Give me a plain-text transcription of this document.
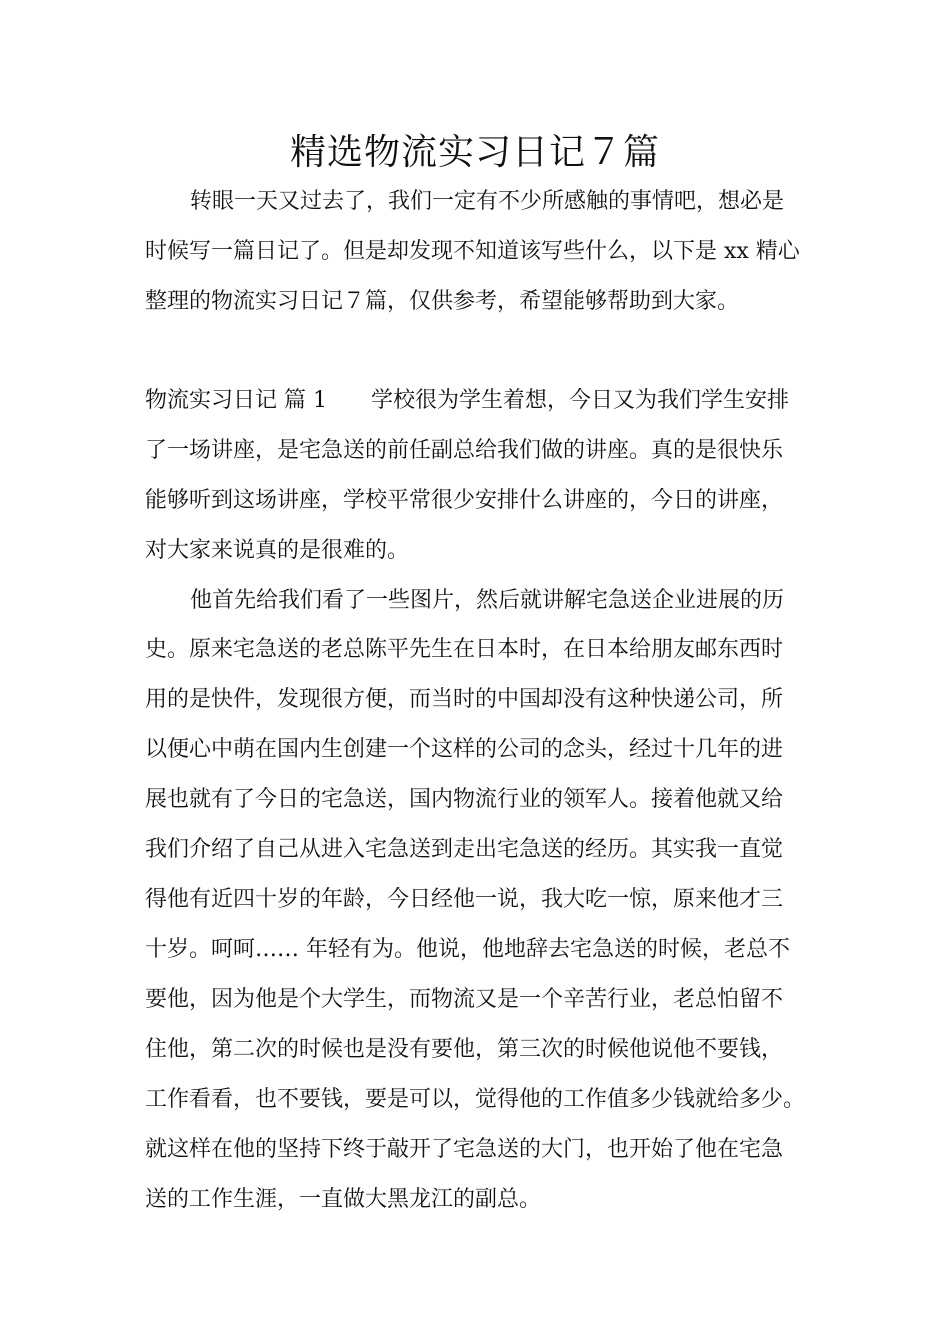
精选物流实习日记７篇

转眼一天又过去了，我们一定有不少所感触的事情吧，想必是

时候写一篇日记了。但是却发现不知道该写些什么，以下是 xx 精心

整理的物流实习日记７篇，仅供参考，希望能够帮助到大家。

物流实习日记 篇 1 学校很为学生着想，今日又为我们学生安排

了一场讲座，是宅急送的前任副总给我们做的讲座。真的是很快乐

能够听到这场讲座，学校平常很少安排什么讲座的，今日的讲座，

对大家来说真的是很难的。

他首先给我们看了一些图片，然后就讲解宅急送企业进展的历

史。原来宅急送的老总陈平先生在日本时，在日本给朋友邮东西时

用的是快件，发现很方便，而当时的中国却没有这种快递公司，所

以便心中萌在国内生创建一个这样的公司的念头，经过十几年的进

展也就有了今日的宅急送，国内物流行业的领军人。接着他就又给

我们介绍了自己从进入宅急送到走出宅急送的经历。其实我一直觉

得他有近四十岁的年龄，今日经他一说，我大吃一惊，原来他才三

十岁。呵呵…… 年轻有为。他说，他地辞去宅急送的时候，老总不

要他，因为他是个大学生，而物流又是一个辛苦行业，老总怕留不

住他，第二次的时候也是没有要他，第三次的时候他说他不要钱，

工作看看，也不要钱，要是可以，觉得他的工作值多少钱就给多少。

就这样在他的坚持下终于敲开了宅急送的大门，也开始了他在宅急

送的工作生涯，一直做大黑龙江的副总。
